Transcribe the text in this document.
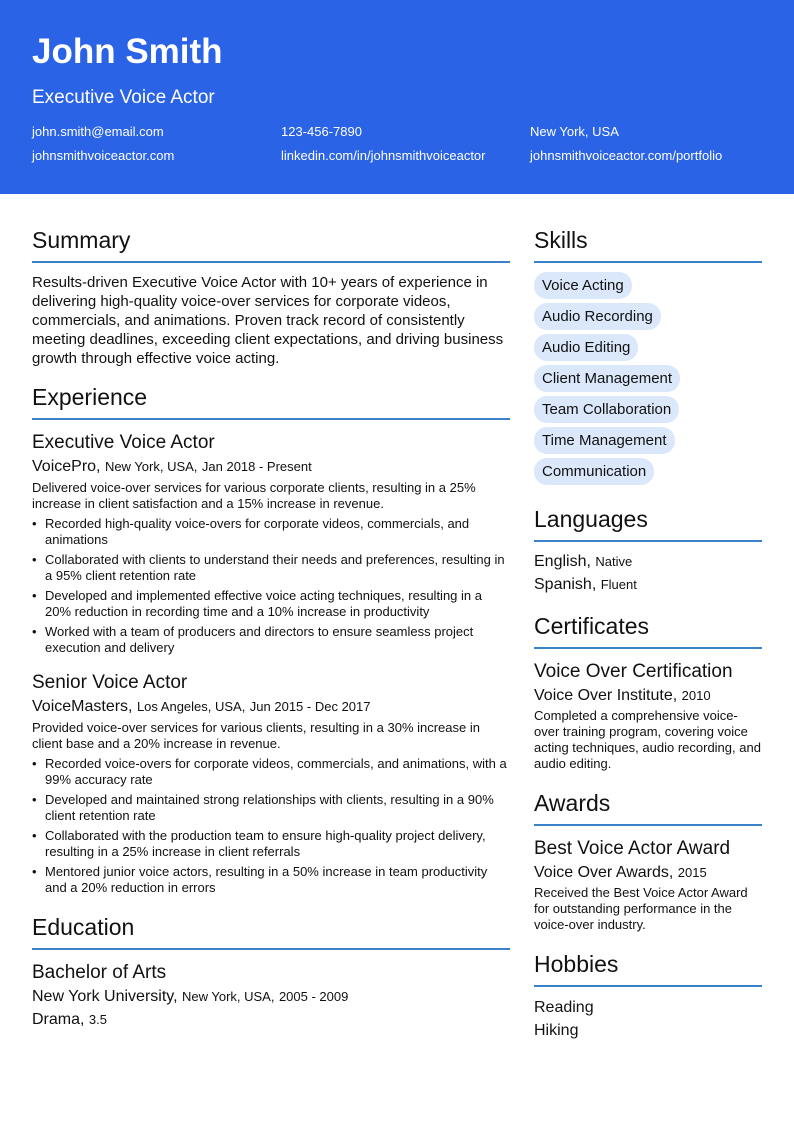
John Smith
Executive Voice Actor
john.smith@email.com	123-456-7890	New York, USA
johnsmithvoiceactor.com	linkedin.com/in/johnsmithvoiceactor	johnsmithvoiceactor.com/portfolio
Summary
Results-driven Executive Voice Actor with 10+ years of experience in delivering high-quality voice-over services for corporate videos, commercials, and animations. Proven track record of consistently meeting deadlines, exceeding client expectations, and driving business growth through effective voice acting.
Experience
Executive Voice Actor
VoicePro, New York, USA, Jan 2018 - Present
Delivered voice-over services for various corporate clients, resulting in a 25% increase in client satisfaction and a 15% increase in revenue.
• Recorded high-quality voice-overs for corporate videos, commercials, and animations
• Collaborated with clients to understand their needs and preferences, resulting in a 95% client retention rate
• Developed and implemented effective voice acting techniques, resulting in a 20% reduction in recording time and a 10% increase in productivity
• Worked with a team of producers and directors to ensure seamless project execution and delivery
Senior Voice Actor
VoiceMasters, Los Angeles, USA, Jun 2015 - Dec 2017
Provided voice-over services for various clients, resulting in a 30% increase in client base and a 20% increase in revenue.
• Recorded voice-overs for corporate videos, commercials, and animations, with a 99% accuracy rate
• Developed and maintained strong relationships with clients, resulting in a 90% client retention rate
• Collaborated with the production team to ensure high-quality project delivery, resulting in a 25% increase in client referrals
• Mentored junior voice actors, resulting in a 50% increase in team productivity and a 20% reduction in errors
Education
Bachelor of Arts
New York University, New York, USA, 2005 - 2009
Drama, 3.5
Skills
Voice Acting
Audio Recording
Audio Editing
Client Management
Team Collaboration
Time Management
Communication
Languages
English, Native
Spanish, Fluent
Certificates
Voice Over Certification
Voice Over Institute, 2010
Completed a comprehensive voice-over training program, covering voice acting techniques, audio recording, and audio editing.
Awards
Best Voice Actor Award
Voice Over Awards, 2015
Received the Best Voice Actor Award for outstanding performance in the voice-over industry.
Hobbies
Reading
Hiking
